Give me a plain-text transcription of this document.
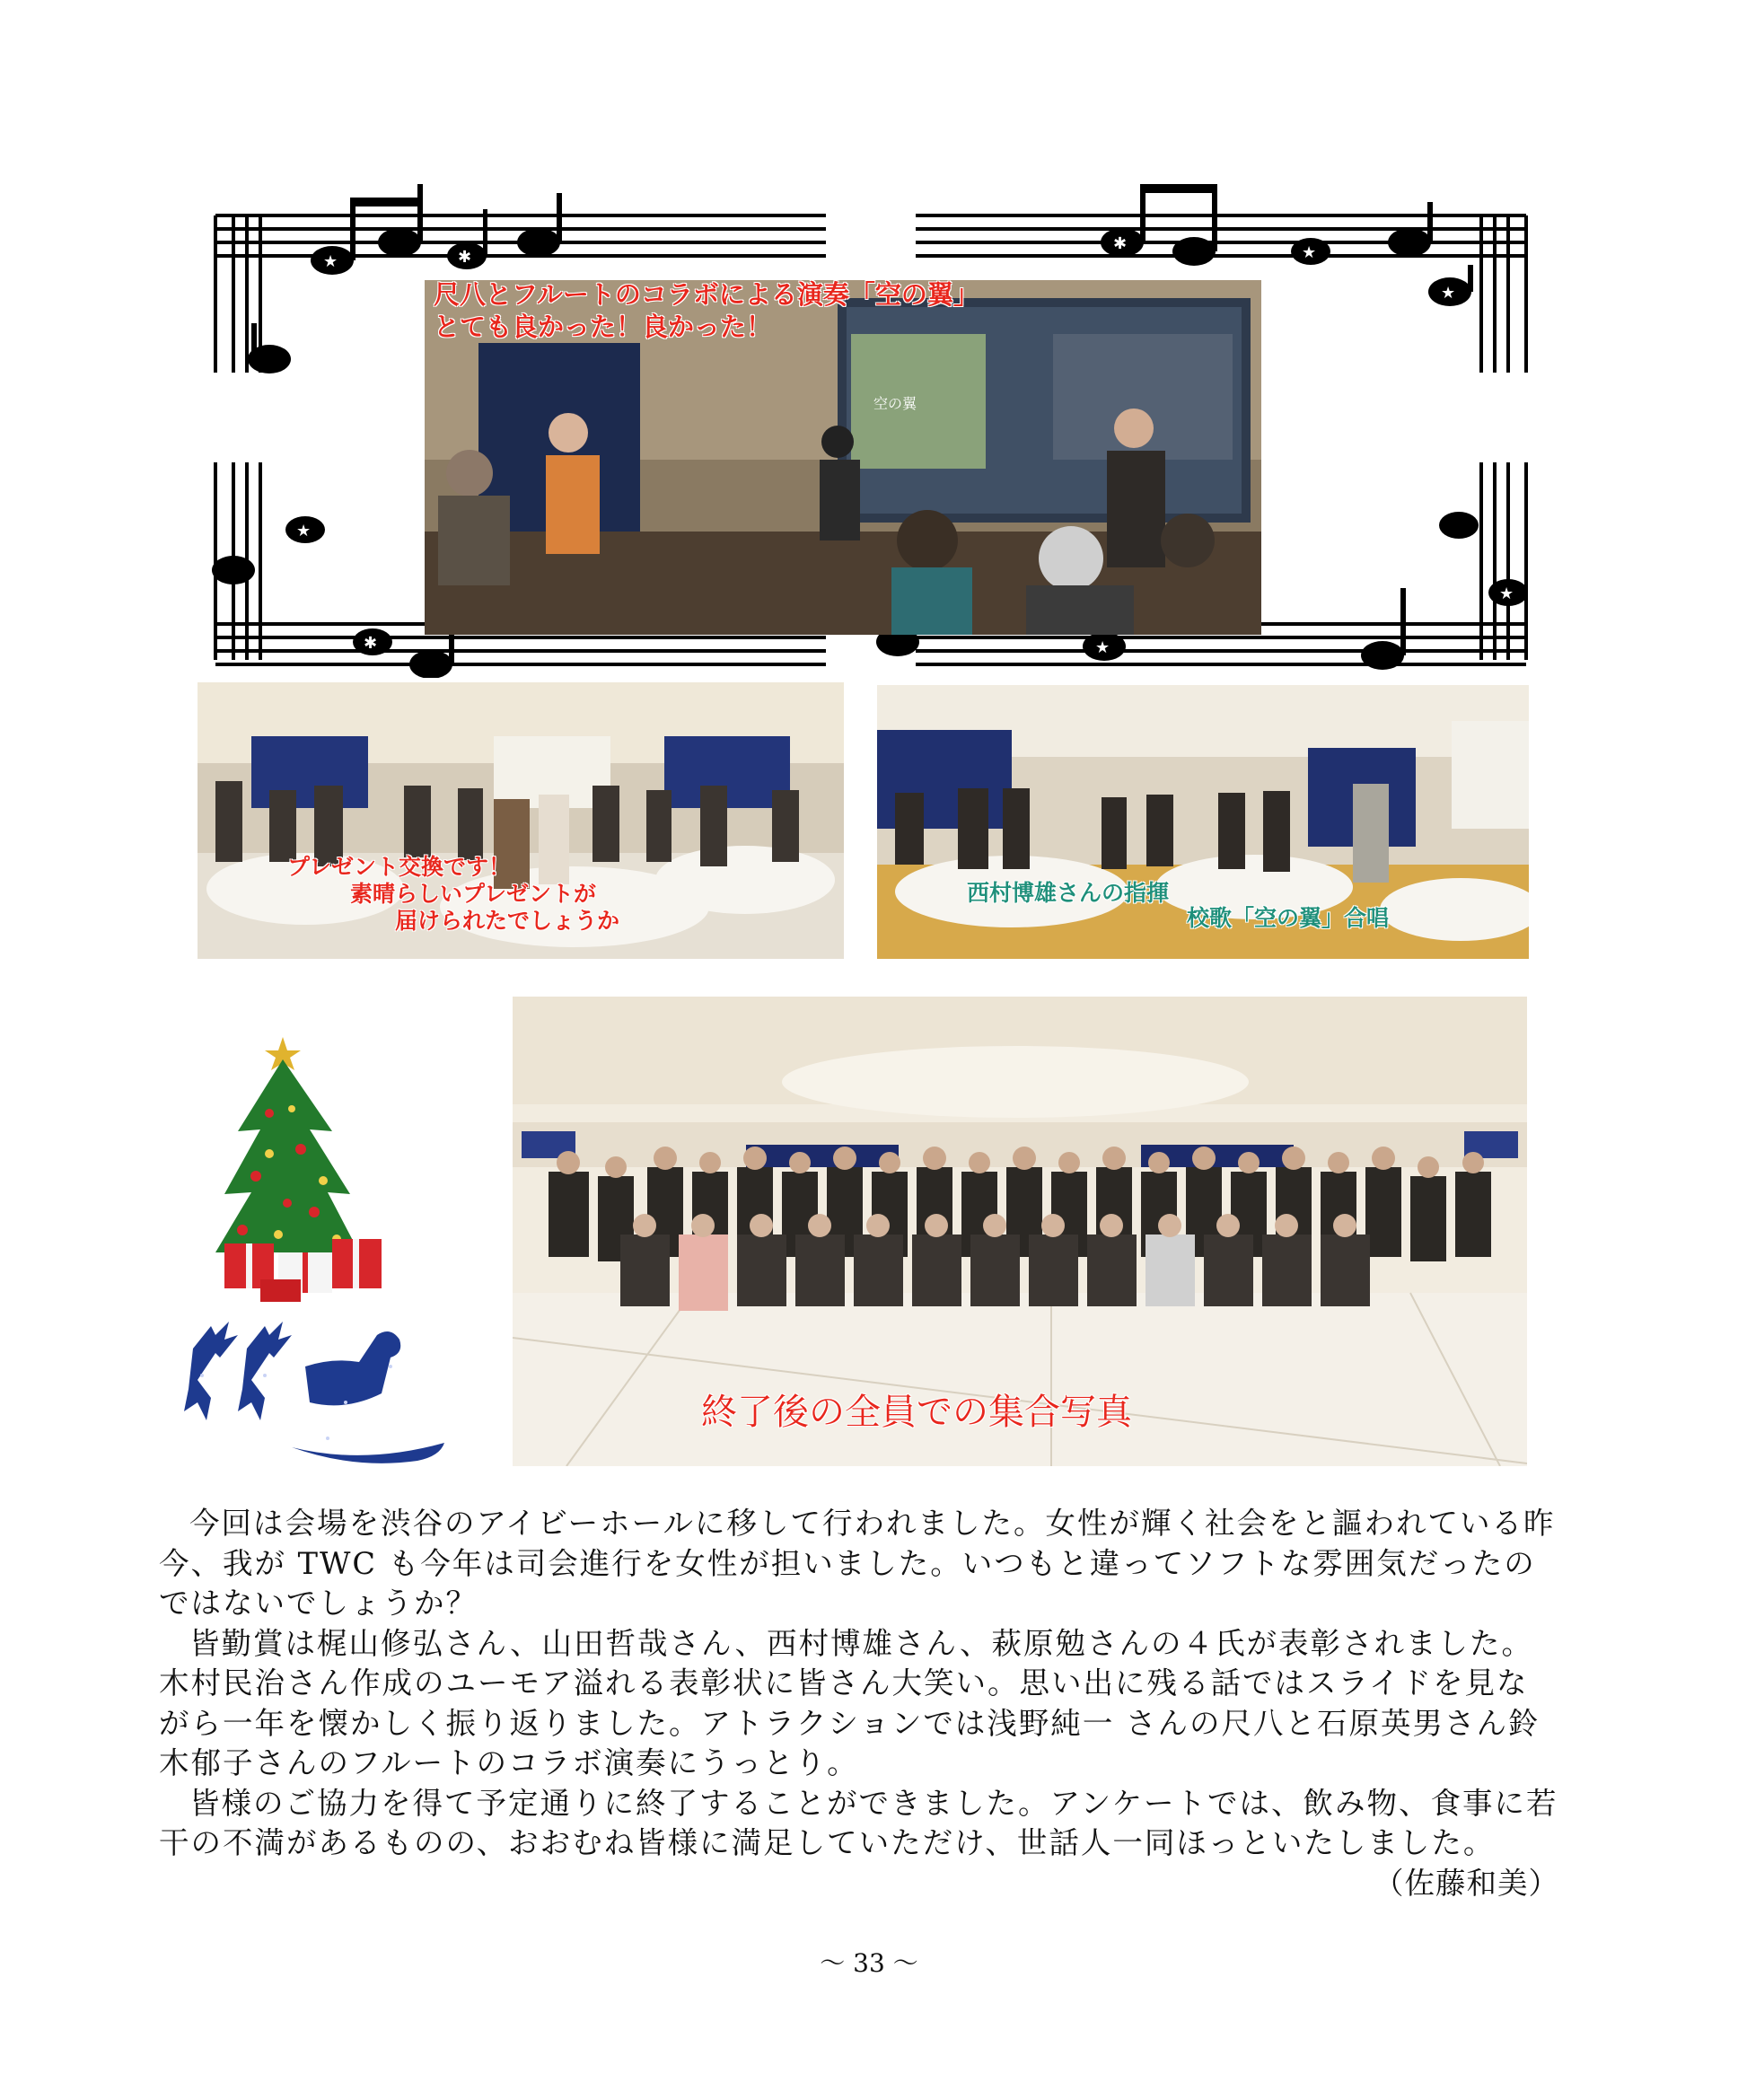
✱
★
✱	★
★
★
✱	★
★
空の翼
尺八とフルートのコラボによる演奏「空の翼」
とても良かった！良かった！
プレゼント交換です！
素晴らしいプレゼントが
届けられたでしょうか
西村博雄さんの指揮
校歌「空の翼」合唱
終了後の全員での集合写真

今回は会場を渋谷のアイビーホールに移して行われました。女性が輝く社会をと謳われている昨今、我が TWC も今年は司会進行を女性が担いました。いつもと違ってソフトな雰囲気だったのではないでしょうか？

皆勤賞は梶山修弘さん、山田哲哉さん、西村博雄さん、萩原勉さんの４氏が表彰されました。木村民治さん作成のユーモア溢れる表彰状に皆さん大笑い。思い出に残る話ではスライドを見ながら一年を懐かしく振り返りました。アトラクションでは浅野純一 さんの尺八と石原英男さん鈴木郁子さんのフルートのコラボ演奏にうっとり。

皆様のご協力を得て予定通りに終了することができました。アンケートでは、飲み物、食事に若干の不満があるものの、おおむね皆様に満足していただけ、世話人一同ほっといたしました。
（佐藤和美）

～ 33 ～
